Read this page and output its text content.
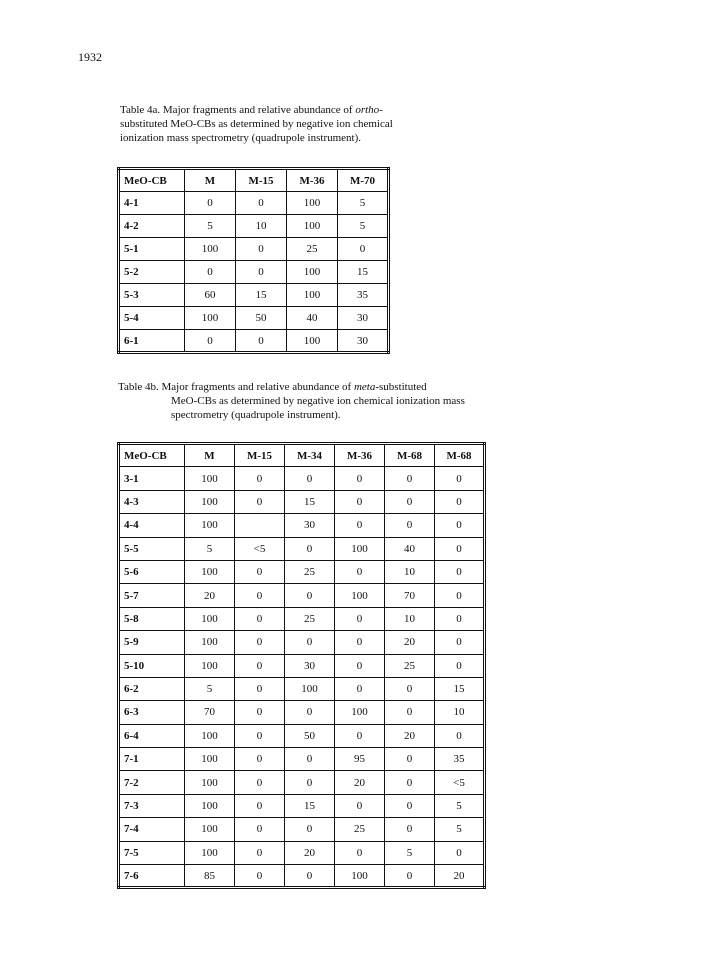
1932
Table 4a. Major fragments and relative abundance of ortho-substituted MeO-CBs as determined by negative ion chemical ionization mass spectrometry (quadrupole instrument).
MeO-CB	M	M-15	M-36	M-70
4-1	0	0	100	5
4-2	5	10	100	5
5-1	100	0	25	0
5-2	0	0	100	15
5-3	60	15	100	35
5-4	100	50	40	30
6-1	0	0	100	30
Table 4b. Major fragments and relative abundance of meta-substituted
MeO-CBs as determined by negative ion chemical ionization mass spectrometry (quadrupole instrument).
MeO-CB	M	M-15	M-34	M-36	M-68	M-68
3-1	100	0	0	0	0	0
4-3	100	0	15	0	0	0
4-4	100		30	0	0	0
5-5	5	<5	0	100	40	0
5-6	100	0	25	0	10	0
5-7	20	0	0	100	70	0
5-8	100	0	25	0	10	0
5-9	100	0	0	0	20	0
5-10	100	0	30	0	25	0
6-2	5	0	100	0	0	15
6-3	70	0	0	100	0	10
6-4	100	0	50	0	20	0
7-1	100	0	0	95	0	35
7-2	100	0	0	20	0	<5
7-3	100	0	15	0	0	5
7-4	100	0	0	25	0	5
7-5	100	0	20	0	5	0
7-6	85	0	0	100	0	20
